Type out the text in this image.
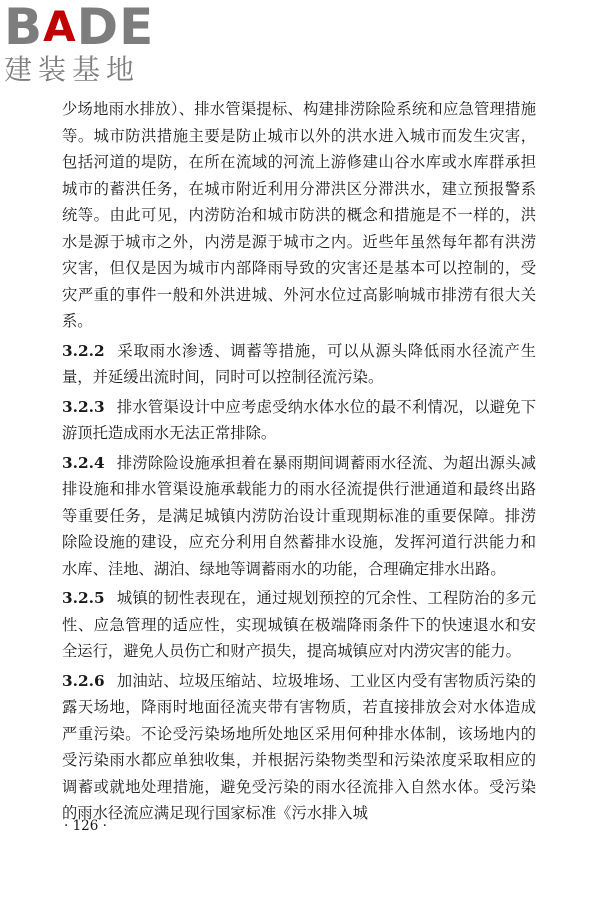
B A DE
建装基地

少场地雨水排放）、排水管渠提标、构建排涝除险系统和应急管理措施等。城市防洪措施主要是防止城市以外的洪水进入城市而发生灾害，包括河道的堤防，在所在流域的河流上游修建山谷水库或水库群承担城市的蓄洪任务，在城市附近利用分滞洪区分滞洪水，建立预报警系统等。由此可见，内涝防治和城市防洪的概念和措施是不一样的，洪水是源于城市之外，内涝是源于城市之内。近些年虽然每年都有洪涝灾害，但仅是因为城市内部降雨导致的灾害还是基本可以控制的，受灾严重的事件一般和外洪进城、外河水位过高影响城市排涝有很大关系。

3.2.2 采取雨水渗透、调蓄等措施，可以从源头降低雨水径流产生量，并延缓出流时间，同时可以控制径流污染。

3.2.3 排水管渠设计中应考虑受纳水体水位的最不利情况，以避免下游顶托造成雨水无法正常排除。

3.2.4 排涝除险设施承担着在暴雨期间调蓄雨水径流、为超出源头减排设施和排水管渠设施承载能力的雨水径流提供行泄通道和最终出路等重要任务，是满足城镇内涝防治设计重现期标准的重要保障。排涝除险设施的建设，应充分利用自然蓄排水设施，发挥河道行洪能力和水库、洼地、湖泊、绿地等调蓄雨水的功能，合理确定排水出路。

3.2.5 城镇的韧性表现在，通过规划预控的冗余性、工程防治的多元性、应急管理的适应性，实现城镇在极端降雨条件下的快速退水和安全运行，避免人员伤亡和财产损失，提高城镇应对内涝灾害的能力。

3.2.6 加油站、垃圾压缩站、垃圾堆场、工业区内受有害物质污染的露天场地，降雨时地面径流夹带有害物质，若直接排放会对水体造成严重污染。不论受污染场地所处地区采用何种排水体制，该场地内的受污染雨水都应单独收集，并根据污染物类型和污染浓度采取相应的调蓄或就地处理措施，避免受污染的雨水径流排入自然水体。受污染的雨水径流应满足现行国家标准《污水排入城

· 126 ·
